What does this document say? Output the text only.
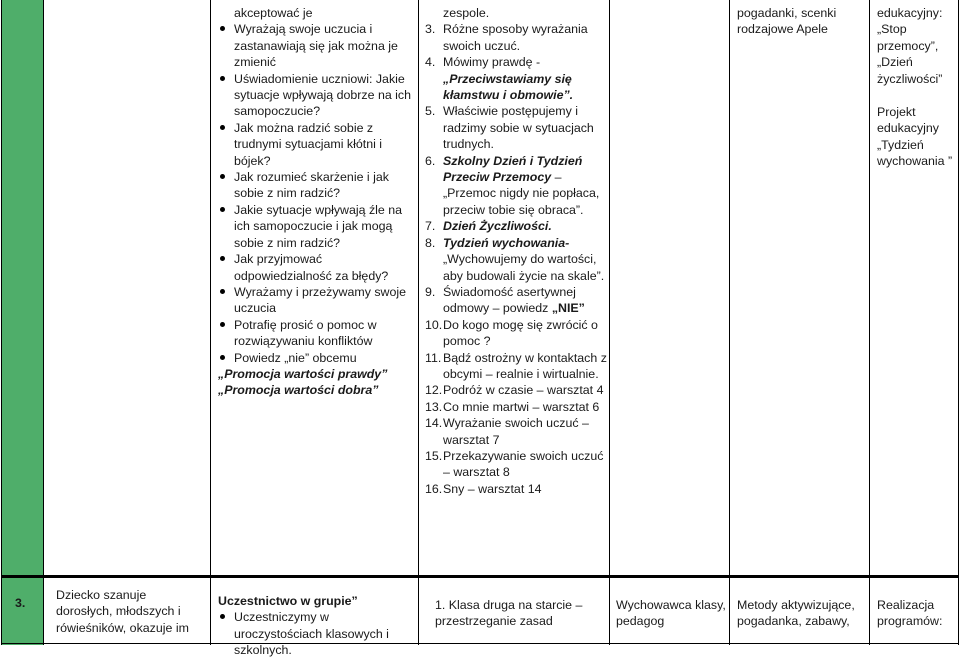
akceptować je
Wyrażają swoje uczucia i zastanawiają się jak można je zmienić
Uświadomienie uczniowi: Jakie sytuacje wpływają dobrze na ich samopoczucie?
Jak można radzić sobie z trudnymi sytuacjami kłótni i bójek?
Jak rozumieć skarżenie i jak sobie z nim radzić?
Jakie sytuacje wpływają źle na ich samopoczucie i jak mogą sobie z nim radzić?
Jak przyjmować odpowiedzialność za błędy?
Wyrażamy i przeżywamy swoje uczucia
Potrafię prosić o pomoc w rozwiązywaniu konfliktów
Powiedz „nie” obcemu
„Promocja wartości prawdy”
„Promocja wartości dobra”
zespole.
3. Różne sposoby wyrażania swoich uczuć.
4. Mówimy prawdę -
„Przeciwstawiamy się kłamstwu i obmowie”.
5. Właściwie postępujemy i radzimy sobie w sytuacjach trudnych.
6. Szkolny Dzień i Tydzień Przeciw Przemocy – „Przemoc nigdy nie popłaca, przeciw tobie się obraca”.
7. Dzień Życzliwości.
8. Tydzień wychowania-
„Wychowujemy do wartości, aby budowali życie na skale”.
9. Świadomość asertywnej odmowy – powiedz „NIE”
10. Do kogo mogę się zwrócić o pomoc ?
11. Bądź ostrożny w kontaktach z obcymi – realnie i wirtualnie.
12. Podróż w czasie – warsztat 4
13. Co mnie martwi – warsztat 6
14. Wyrażanie swoich uczuć – warsztat 7
15. Przekazywanie swoich uczuć – warsztat 8
16. Sny – warsztat 14
pogadanki, scenki rodzajowe Apele
edukacyjny: „Stop przemocy”, „Dzień życzliwości”
Projekt edukacyjny „Tydzień wychowania ”
3.
Dziecko szanuje dorosłych, młodszych i rówieśników, okazuje im
Uczestnictwo w grupie”
Uczestniczymy w uroczystościach klasowych i szkolnych.
1. Klasa druga na starcie – przestrzeganie zasad
Wychowawca klasy, pedagog
Metody aktywizujące, pogadanka, zabawy,
Realizacja programów:
